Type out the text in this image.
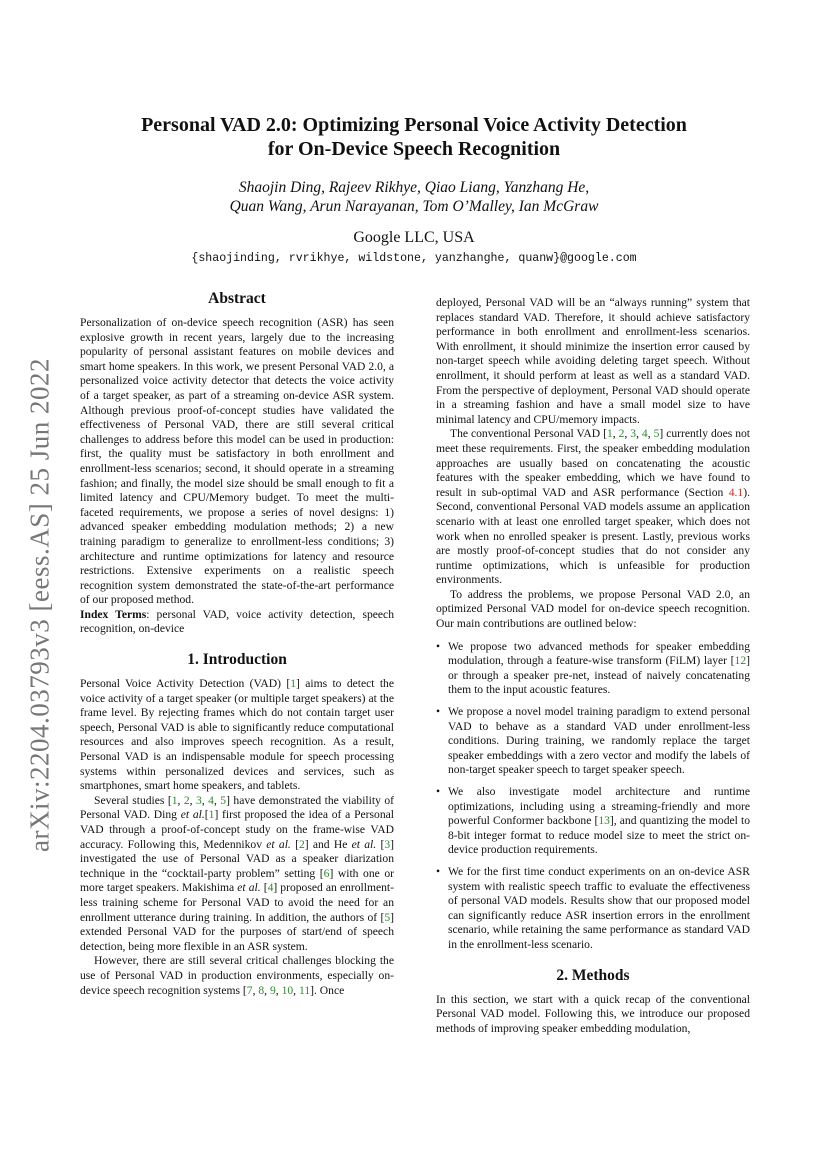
arXiv:2204.03793v3 [eess.AS] 25 Jun 2022
Personal VAD 2.0: Optimizing Personal Voice Activity Detection
for On-Device Speech Recognition
Shaojin Ding, Rajeev Rikhye, Qiao Liang, Yanzhang He,
Quan Wang, Arun Narayanan, Tom O’Malley, Ian McGraw
Google LLC, USA
{shaojinding, rvrikhye, wildstone, yanzhanghe, quanw}@google.com
Abstract

Personalization of on-device speech recognition (ASR) has seen explosive growth in recent years, largely due to the increasing popularity of personal assistant features on mobile devices and smart home speakers. In this work, we present Personal VAD 2.0, a personalized voice activity detector that detects the voice activity of a target speaker, as part of a streaming on-device ASR system. Although previous proof-of-concept studies have validated the effectiveness of Personal VAD, there are still several critical challenges to address before this model can be used in production: first, the quality must be satisfactory in both enrollment and enrollment-less scenarios; second, it should operate in a streaming fashion; and finally, the model size should be small enough to fit a limited latency and CPU/Memory budget. To meet the multi-faceted requirements, we propose a series of novel designs: 1) advanced speaker embedding modulation methods; 2) a new training paradigm to generalize to enrollment-less conditions; 3) architecture and runtime optimizations for latency and resource restrictions. Extensive experiments on a realistic speech recognition system demonstrated the state-of-the-art performance of our proposed method.

Index Terms: personal VAD, voice activity detection, speech recognition, on-device

1. Introduction

Personal Voice Activity Detection (VAD) [1] aims to detect the voice activity of a target speaker (or multiple target speakers) at the frame level. By rejecting frames which do not contain target user speech, Personal VAD is able to significantly reduce computational resources and also improves speech recognition. As a result, Personal VAD is an indispensable module for speech processing systems within personalized devices and services, such as smartphones, smart home speakers, and tablets.

Several studies [1, 2, 3, 4, 5] have demonstrated the viability of Personal VAD. Ding et al.[1] first proposed the idea of a Personal VAD through a proof-of-concept study on the frame-wise VAD accuracy. Following this, Medennikov et al. [2] and He et al. [3] investigated the use of Personal VAD as a speaker diarization technique in the “cocktail-party problem” setting [6] with one or more target speakers. Makishima et al. [4] proposed an enrollment-less training scheme for Personal VAD to avoid the need for an enrollment utterance during training. In addition, the authors of [5] extended Personal VAD for the purposes of start/end of speech detection, being more flexible in an ASR system.

However, there are still several critical challenges blocking the use of Personal VAD in production environments, especially on-device speech recognition systems [7, 8, 9, 10, 11]. Once

deployed, Personal VAD will be an “always running” system that replaces standard VAD. Therefore, it should achieve satisfactory performance in both enrollment and enrollment-less scenarios. With enrollment, it should minimize the insertion error caused by non-target speech while avoiding deleting target speech. Without enrollment, it should perform at least as well as a standard VAD. From the perspective of deployment, Personal VAD should operate in a streaming fashion and have a small model size to have minimal latency and CPU/memory impacts.

The conventional Personal VAD [1, 2, 3, 4, 5] currently does not meet these requirements. First, the speaker embedding modulation approaches are usually based on concatenating the acoustic features with the speaker embedding, which we have found to result in sub-optimal VAD and ASR performance (Section 4.1). Second, conventional Personal VAD models assume an application scenario with at least one enrolled target speaker, which does not work when no enrolled speaker is present. Lastly, previous works are mostly proof-of-concept studies that do not consider any runtime optimizations, which is unfeasible for production environments.

To address the problems, we propose Personal VAD 2.0, an optimized Personal VAD model for on-device speech recognition. Our main contributions are outlined below:

• We propose two advanced methods for speaker embedding modulation, through a feature-wise transform (FiLM) layer [12] or through a speaker pre-net, instead of naively concatenating them to the input acoustic features.
• We propose a novel model training paradigm to extend personal VAD to behave as a standard VAD under enrollment-less conditions. During training, we randomly replace the target speaker embeddings with a zero vector and modify the labels of non-target speaker speech to target speaker speech.
• We also investigate model architecture and runtime optimizations, including using a streaming-friendly and more powerful Conformer backbone [13], and quantizing the model to 8-bit integer format to reduce model size to meet the strict on-device production requirements.
• We for the first time conduct experiments on an on-device ASR system with realistic speech traffic to evaluate the effectiveness of personal VAD models. Results show that our proposed model can significantly reduce ASR insertion errors in the enrollment scenario, while retaining the same performance as standard VAD in the enrollment-less scenario.
2. Methods

In this section, we start with a quick recap of the conventional Personal VAD model. Following this, we introduce our proposed methods of improving speaker embedding modulation,
